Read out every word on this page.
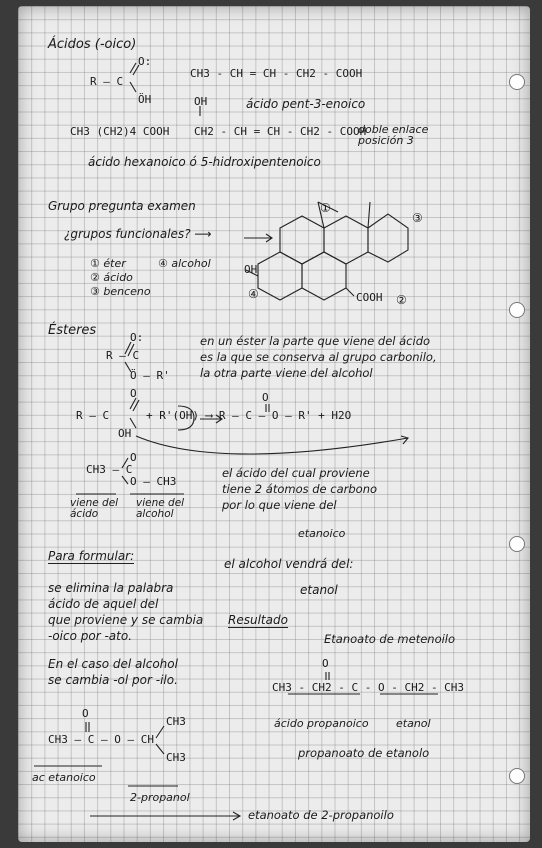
Ácidos (-oico)
O:
R – C
ÖH
CH3 - CH = CH - CH2 - COOH
ácido pent-3-enoico
OH
CH3 (CH2)4 COOH CH2 - CH = CH - CH2 - COOH
doble enlace posición 3
ácido hexanoico ó 5-hidroxipentenoico
Grupo pregunta examen
¿grupos funcionales? ⟶
① éter
② ácido
③ benceno
④ alcohol	OH
COOH
①
③
④	②
Ésteres	O:
R – C
Ö – R'
en un éster la parte que viene del ácido
es la que se conserva al grupo carbonilo,
la otra parte viene del alcohol
O	O
R – C	+ R'(OH) ⟶ R – C – O – R' + H2O
OH
O
CH3 – C
O – CH3
viene del ácido
viene del alcohol
el ácido del cual proviene
tiene 2 átomos de carbono
por lo que viene del
etanoico
Para formular:
el alcohol vendrá del:
etanol
se elimina la palabra
ácido de aquel del
que proviene y se cambia
-oico por -ato.
Resultado
Etanoato de metenoilo
O
CH3 - CH2 - C - O - CH2 - CH3
ácido propanoico etanol
propanoato de etanolo
En el caso del alcohol
se cambia -ol por -ilo.
O
CH3
CH3 – C – O – CH
CH3
ac etanoico
2-propanol
etanoato de 2-propanoilo
